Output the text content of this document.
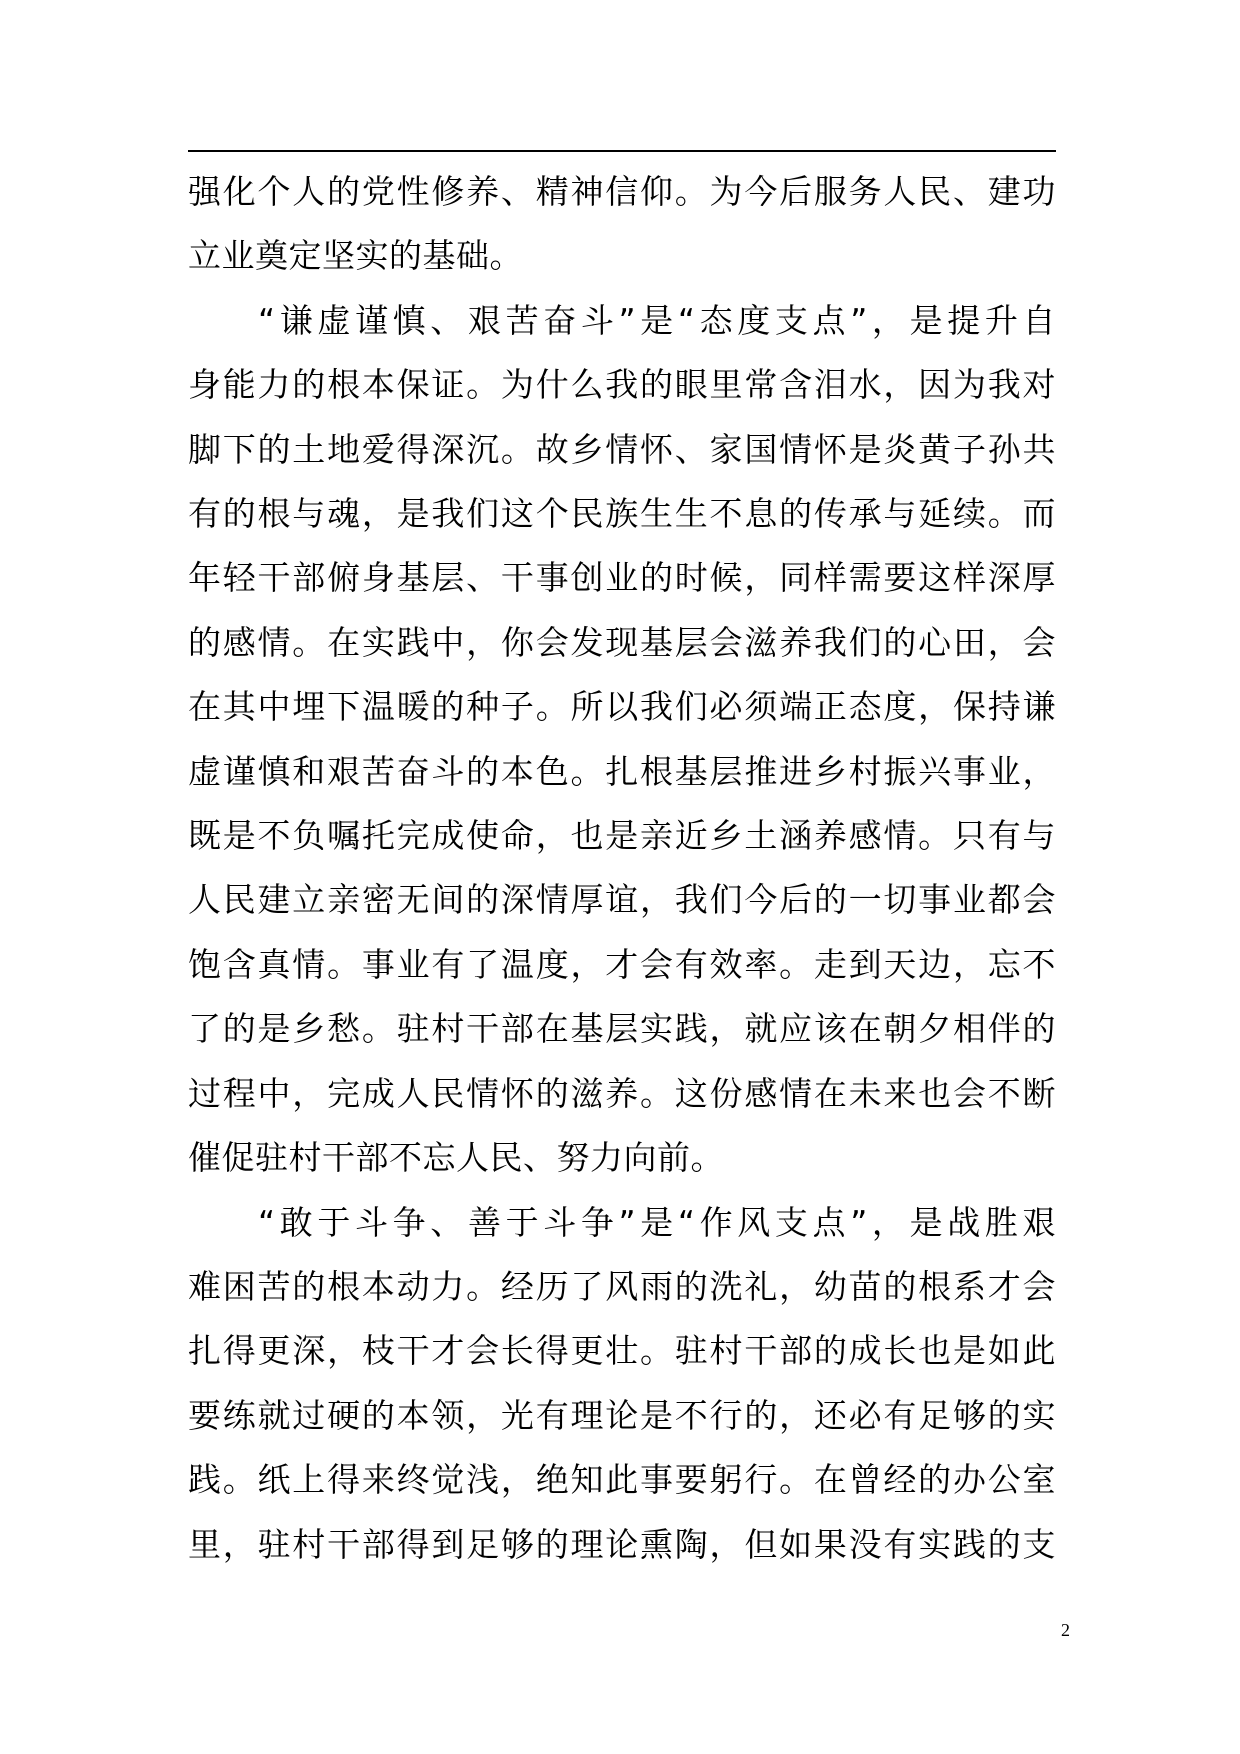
强化个人的党性修养、精神信仰。为今后服务人民、建功
立业奠定坚实的基础。
“谦虚谨慎、艰苦奋斗”是“态度支点”，是提升自
身能力的根本保证。为什么我的眼里常含泪水，因为我对
脚下的土地爱得深沉。故乡情怀、家国情怀是炎黄子孙共
有的根与魂，是我们这个民族生生不息的传承与延续。而
年轻干部俯身基层、干事创业的时候，同样需要这样深厚
的感情。在实践中，你会发现基层会滋养我们的心田，会
在其中埋下温暖的种子。所以我们必须端正态度，保持谦
虚谨慎和艰苦奋斗的本色。扎根基层推进乡村振兴事业，
既是不负嘱托完成使命，也是亲近乡土涵养感情。只有与
人民建立亲密无间的深情厚谊，我们今后的一切事业都会
饱含真情。事业有了温度，才会有效率。走到天边，忘不
了的是乡愁。驻村干部在基层实践，就应该在朝夕相伴的
过程中，完成人民情怀的滋养。这份感情在未来也会不断
催促驻村干部不忘人民、努力向前。
“敢于斗争、善于斗争”是“作风支点”，是战胜艰
难困苦的根本动力。经历了风雨的洗礼，幼苗的根系才会
扎得更深，枝干才会长得更壮。驻村干部的成长也是如此
要练就过硬的本领，光有理论是不行的，还必有足够的实
践。纸上得来终觉浅，绝知此事要躬行。在曾经的办公室
里，驻村干部得到足够的理论熏陶，但如果没有实践的支
2
